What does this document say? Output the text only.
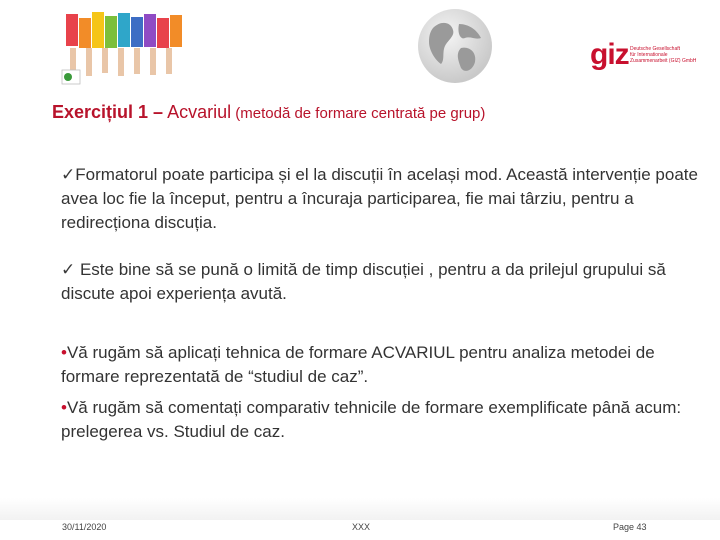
giz Deutsche Gesellschaft
für Internationale
Zusammenarbeit (GIZ) GmbH
Exercițiul 1 – Acvariul (metodă de formare centrată pe grup)
✓Formatorul poate participa și el la discuții în același mod. Această intervenție poate avea loc fie la început, pentru a încuraja participarea, fie mai târziu, pentru a redirecționa discuția.
✓ Este bine să se pună o limită de timp discuției , pentru a da prilejul grupului să discute apoi experiența avută.
•Vă rugăm să aplicați tehnica de formare ACVARIUL pentru analiza metodei de formare reprezentată de “studiul de caz”.
•Vă rugăm să comentați comparativ tehnicile de formare exemplificate până acum: prelegerea vs. Studiul de caz.
30/11/2020	XXX	Page 43
